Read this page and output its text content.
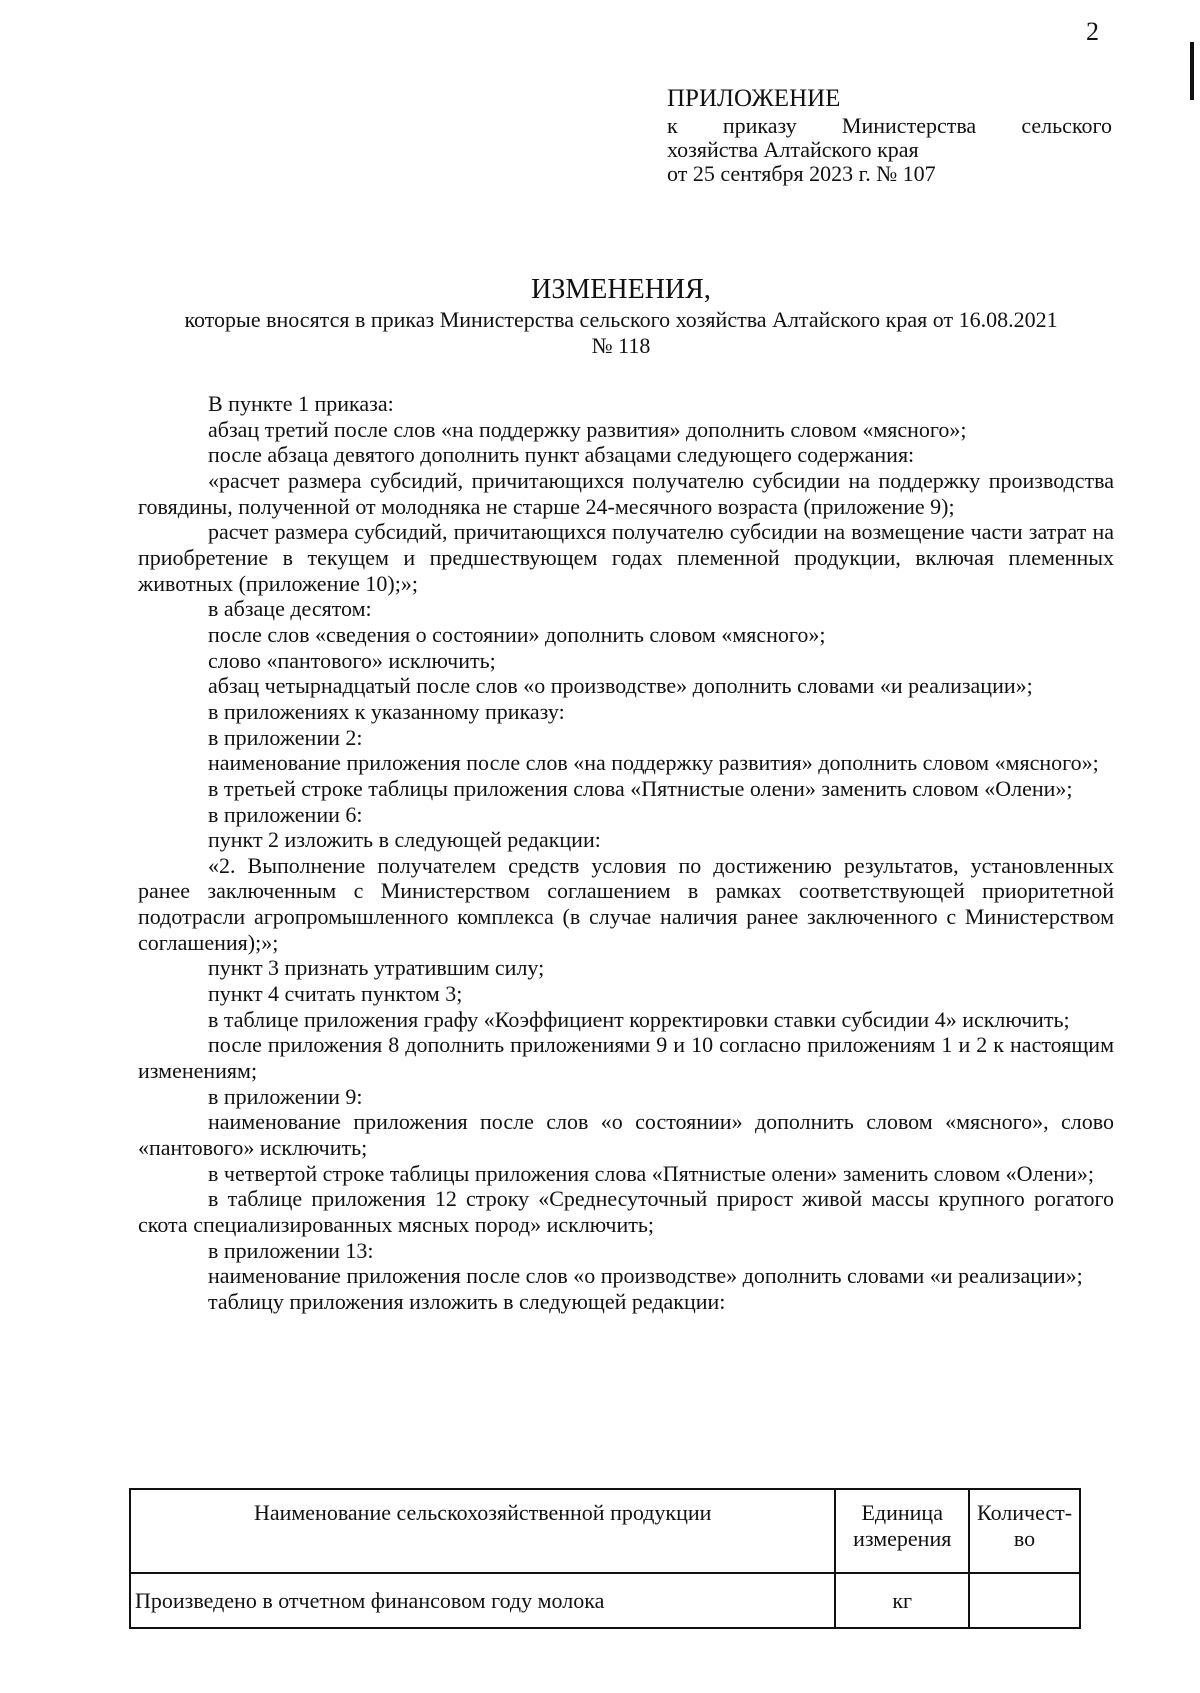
2
ПРИЛОЖЕНИЕ
к приказу Министерства сельского
хозяйства Алтайского края
от 25 сентября 2023 г. № 107
ИЗМЕНЕНИЯ,
которые вносятся в приказ Министерства сельского хозяйства Алтайского края от 16.08.2021
№ 118

В пункте 1 приказа:

абзац третий после слов «на поддержку развития» дополнить словом «мясного»;

после абзаца девятого дополнить пункт абзацами следующего содержания:

«расчет размера субсидий, причитающихся получателю субсидии на поддержку производства говядины, полученной от молодняка не старше 24-месячного возраста (приложение 9);

расчет размера субсидий, причитающихся получателю субсидии на возмещение части затрат на приобретение в текущем и предшествующем годах племенной продукции, включая племенных животных (приложение 10);»;

в абзаце десятом:

после слов «сведения о состоянии» дополнить словом «мясного»;

слово «пантового» исключить;

абзац четырнадцатый после слов «о производстве» дополнить словами «и реализации»;

в приложениях к указанному приказу:

в приложении 2:

наименование приложения после слов «на поддержку развития» дополнить словом «мясного»;

в третьей строке таблицы приложения слова «Пятнистые олени» заменить словом «Олени»;

в приложении 6:

пункт 2 изложить в следующей редакции:

«2. Выполнение получателем средств условия по достижению результатов, установленных ранее заключенным с Министерством соглашением в рамках соответствующей приоритетной подотрасли агропромышленного комплекса (в случае наличия ранее заключенного с Министерством соглашения);»;

пункт 3 признать утратившим силу;

пункт 4 считать пунктом 3;

в таблице приложения графу «Коэффициент корректировки ставки субсидии 4» исключить;

после приложения 8 дополнить приложениями 9 и 10 согласно приложениям 1 и 2 к настоящим изменениям;

в приложении 9:

наименование приложения после слов «о состоянии» дополнить словом «мясного», слово «пантового» исключить;

в четвертой строке таблицы приложения слова «Пятнистые олени» заменить словом «Олени»;

в таблице приложения 12 строку «Среднесуточный прирост живой массы крупного рогатого скота специализированных мясных пород» исключить;

в приложении 13:

наименование приложения после слов «о производстве» дополнить словами «и реализации»;

таблицу приложения изложить в следующей редакции:

Наименование сельскохозяйственной продукции	Единица измерения	Количест-во
Произведено в отчетном финансовом году молока	кг	
